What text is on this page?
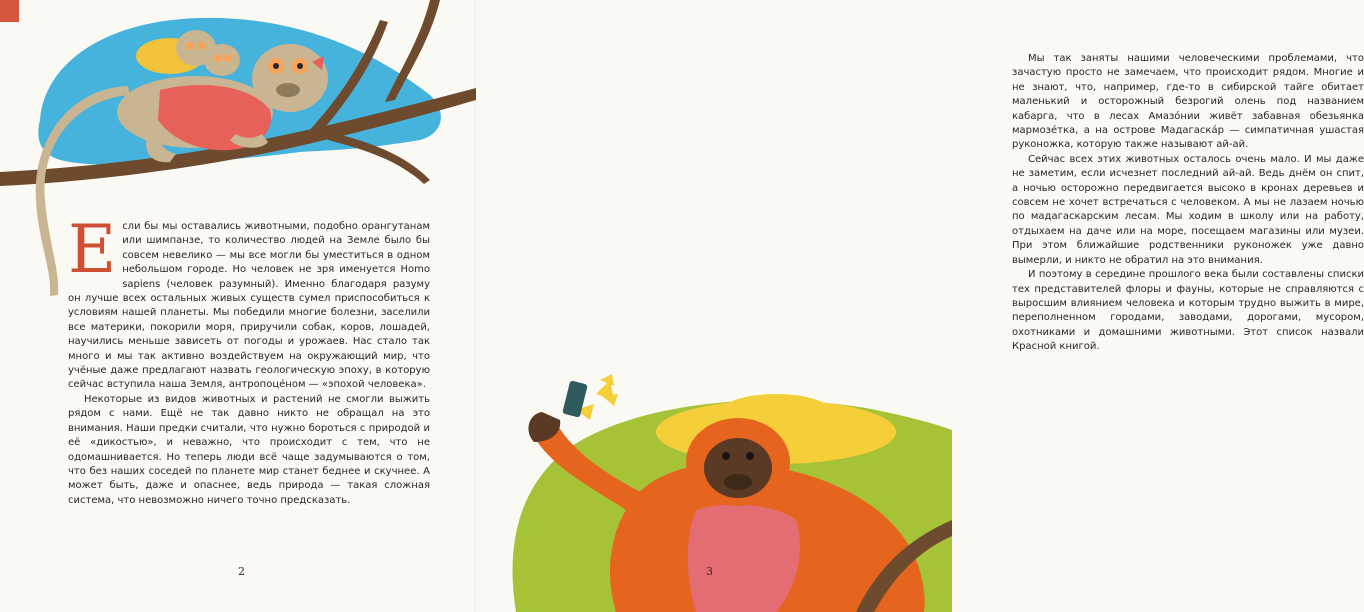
Если бы мы оставались животными, подобно орангутанам или шимпанзе, то количество людей на Земле было бы совсем невелико — мы все могли бы уместиться в одном небольшом городе. Но человек не зря именуется Homo sapiens (человек разумный). Именно благодаря разуму он лучше всех остальных живых существ сумел приспособиться к условиям нашей планеты. Мы победили многие болезни, заселили все материки, покорили моря, приручили собак, коров, лошадей, научились меньше зависеть от погоды и урожаев. Нас стало так много и мы так активно воздействуем на окружающий мир, что учёные даже предлагают назвать геологическую эпоху, в которую сейчас вступила наша Земля, антропоцéном — «эпохой человека».

Некоторые из видов животных и растений не смогли выжить рядом с нами. Ещё не так давно никто не обращал на это внимания. Наши предки считали, что нужно бороться с природой и её «дикостью», и неважно, что происходит с тем, что не одомашнивается. Но теперь люди всё чаще задумываются о том, что без наших соседей по планете мир станет беднее и скучнее. А может быть, даже и опаснее, ведь природа — такая сложная система, что невозможно ничего точно предсказать.

2

Мы так заняты нашими человеческими проблемами, что зачастую просто не замечаем, что происходит рядом. Многие и не знают, что, например, где-то в сибирской тайге обитает маленький и осторожный безрогий олень под названием кабарга, что в лесах Амазóнии живёт забавная обезьянка мармозéтка, а на острове Мадагаскáр — симпатичная ушастая руконожка, которую также называют ай-ай.

Сейчас всех этих животных осталось очень мало. И мы даже не заметим, если исчезнет последний ай-ай. Ведь днём он спит, а ночью осторожно передвигается высоко в кронах деревьев и совсем не хочет встречаться с человеком. А мы не лазаем ночью по мадагаскарским лесам. Мы ходим в школу или на работу, отдыхаем на даче или на море, посещаем магазины или музеи. При этом ближайшие родственники руконожек уже давно вымерли, и никто не обратил на это внимания.

И поэтому в середине прошлого века были составлены списки тех представителей флоры и фауны, которые не справляются с выросшим влиянием человека и которым трудно выжить в мире, переполненном городами, заводами, дорогами, мусором, охотниками и домашними животными. Этот список назвали Красной книгой.

3
